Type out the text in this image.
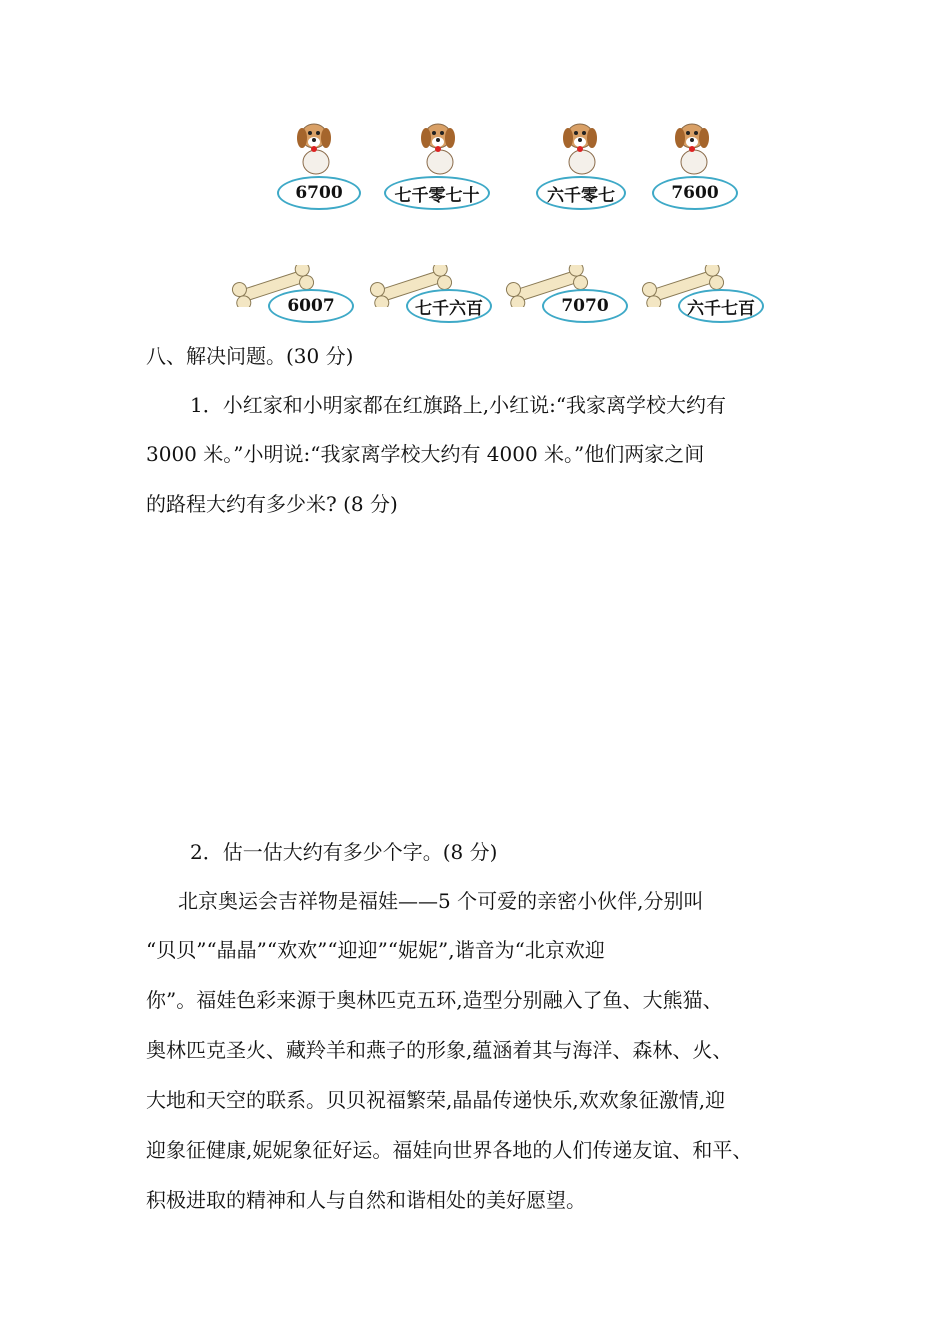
6700	七千零七十	六千零七	7600
6007	七千六百	7070	六千七百
八、解决问题。(30 分)
1．小红家和小明家都在红旗路上,小红说:“我家离学校大约有
3000 米。”小明说:“我家离学校大约有 4000 米。”他们两家之间
的路程大约有多少米? (8 分)
2．估一估大约有多少个字。(8 分)
北京奥运会吉祥物是福娃——5 个可爱的亲密小伙伴,分别叫
“贝贝”“晶晶”“欢欢”“迎迎”“妮妮”,谐音为“北京欢迎
你”。福娃色彩来源于奥林匹克五环,造型分别融入了鱼、大熊猫、
奥林匹克圣火、藏羚羊和燕子的形象,蕴涵着其与海洋、森林、火、
大地和天空的联系。贝贝祝福繁荣,晶晶传递快乐,欢欢象征激情,迎
迎象征健康,妮妮象征好运。福娃向世界各地的人们传递友谊、和平、
积极进取的精神和人与自然和谐相处的美好愿望。
